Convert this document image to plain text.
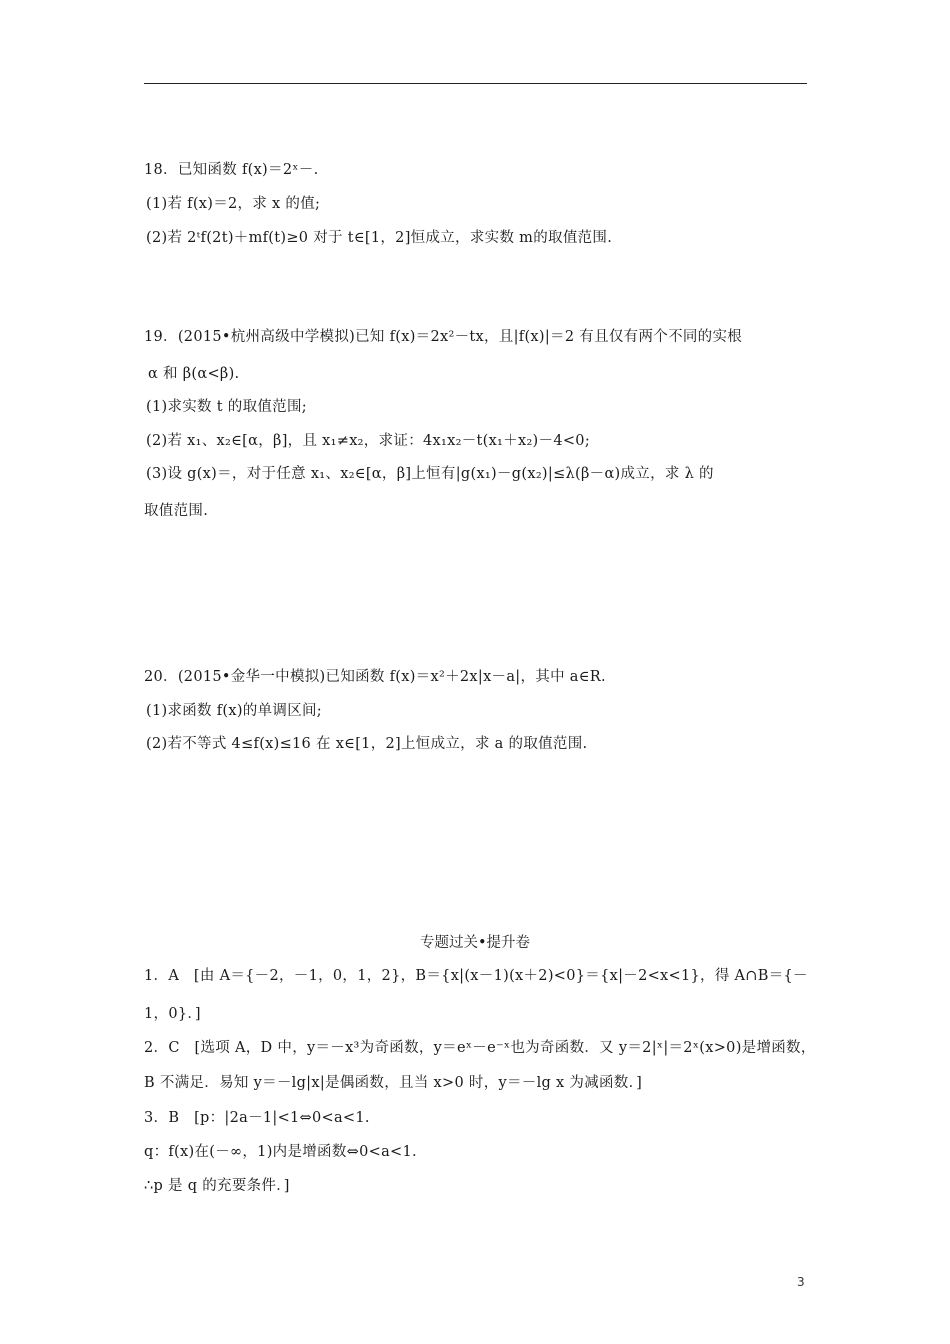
18．已知函数 f(x)＝2ˣ－.
(1)若 f(x)＝2，求 x 的值;
(2)若 2ᵗf(2t)＋mf(t)≥0 对于 t∈[1，2]恒成立，求实数 m的取值范围.
19．(2015•杭州高级中学模拟)已知 f(x)＝2x²－tx，且|f(x)|＝2 有且仅有两个不同的实根
α 和 β(α<β).
(1)求实数 t 的取值范围;
(2)若 x₁、x₂∈[α，β]，且 x₁≠x₂，求证：4x₁x₂－t(x₁＋x₂)－4<0;
(3)设 g(x)＝，对于任意 x₁、x₂∈[α，β]上恒有|g(x₁)－g(x₂)|≤λ(β－α)成立，求 λ 的
取值范围.
20．(2015•金华一中模拟)已知函数 f(x)＝x²＋2x|x－a|，其中 a∈R.
(1)求函数 f(x)的单调区间;
(2)若不等式 4≤f(x)≤16 在 x∈[1，2]上恒成立，求 a 的取值范围.
专题过关•提升卷
1．A　[由 A＝{－2，－1，0，1，2}，B＝{x|(x－1)(x＋2)<0}＝{x|－2<x<1}，得 A∩B＝{－
1，0}．]
2．C　[选项 A，D 中，y＝－x³为奇函数，y＝eˣ－e⁻ˣ也为奇函数．又 y＝2|ˣ|＝2ˣ(x>0)是增函数，
B 不满足．易知 y＝－lg|x|是偶函数，且当 x>0 时，y＝－lg x 为减函数．]
3．B　[p：|2a－1|<1⇔0<a<1.
q：f(x)在(－∞，1)内是增函数⇔0<a<1.
∴p 是 q 的充要条件．]
3
